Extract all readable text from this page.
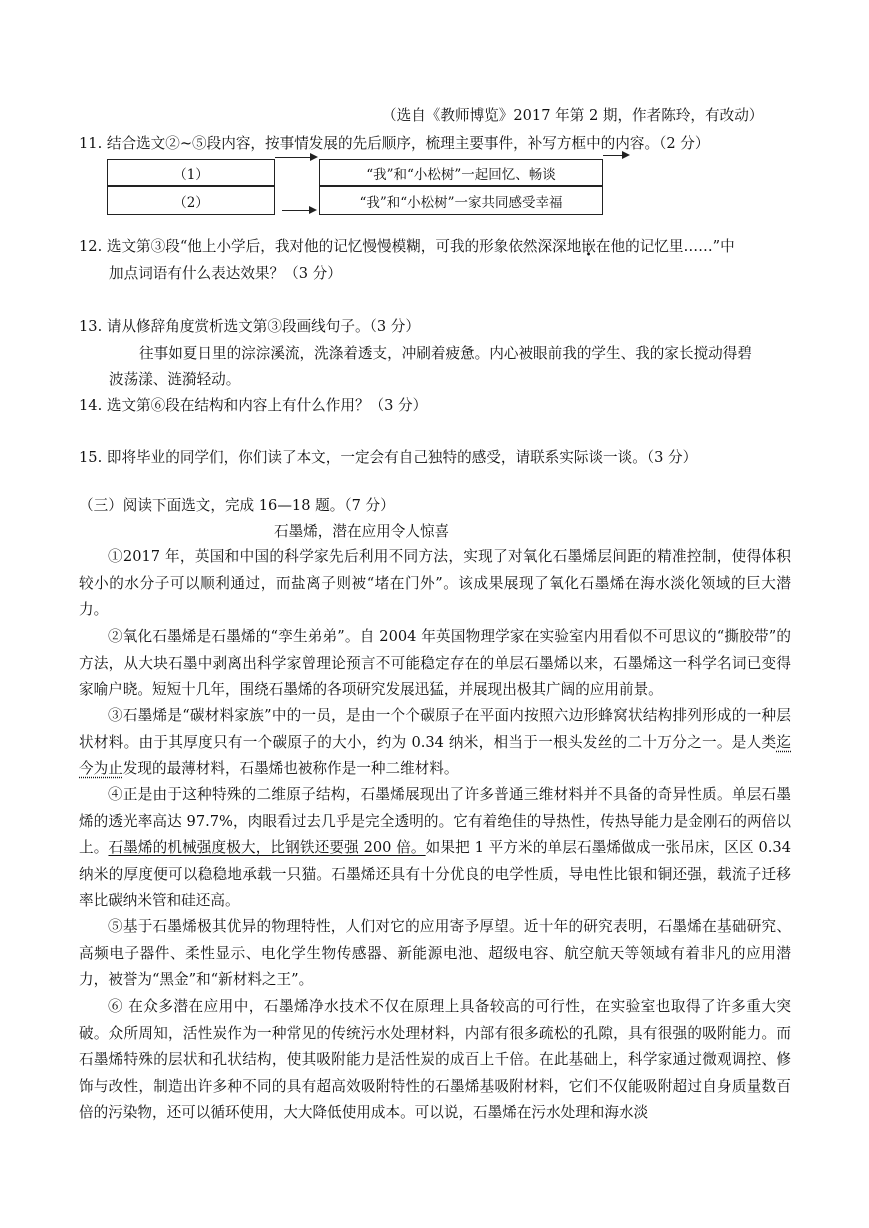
（选自《教师博览》2017 年第 2 期，作者陈玲，有改动）
11. 结合选文②~⑤段内容，按事情发展的先后顺序，梳理主要事件，补写方框中的内容。（2 分）
（1）
（2）
“我”和“小松树”一起回忆、畅谈
“我”和“小松树”一家共同感受幸福
12. 选文第③段“他上小学后，我对他的记忆慢慢模糊，可我的形象依然深深地嵌在他的记忆里……”中
加点词语有什么表达效果？（3 分）
13. 请从修辞角度赏析选文第③段画线句子。（3 分）
往事如夏日里的淙淙溪流，洗涤着透支，冲刷着疲惫。内心被眼前我的学生、我的家长搅动得碧
波荡漾、涟漪轻动。
14. 选文第⑥段在结构和内容上有什么作用？（3 分）
15. 即将毕业的同学们，你们读了本文，一定会有自己独特的感受，请联系实际谈一谈。（3 分）
（三）阅读下面选文，完成 16—18 题。（7 分）
石墨烯，潜在应用令人惊喜
①2017 年，英国和中国的科学家先后利用不同方法，实现了对氧化石墨烯层间距的精准控制，使得体积较小的水分子可以顺利通过，而盐离子则被“堵在门外”。该成果展现了氧化石墨烯在海水淡化领域的巨大潜力。
②氧化石墨烯是石墨烯的“孪生弟弟”。自 2004 年英国物理学家在实验室内用看似不可思议的“撕胶带”的方法，从大块石墨中剥离出科学家曾理论预言不可能稳定存在的单层石墨烯以来，石墨烯这一科学名词已变得家喻户晓。短短十几年，围绕石墨烯的各项研究发展迅猛，并展现出极其广阔的应用前景。
③石墨烯是“碳材料家族”中的一员，是由一个个碳原子在平面内按照六边形蜂窝状结构排列形成的一种层状材料。由于其厚度只有一个碳原子的大小，约为 0.34 纳米，相当于一根头发丝的二十万分之一。是人类迄今为止发现的最薄材料，石墨烯也被称作是一种二维材料。
④正是由于这种特殊的二维原子结构，石墨烯展现出了许多普通三维材料并不具备的奇异性质。单层石墨烯的透光率高达 97.7%，肉眼看过去几乎是完全透明的。它有着绝佳的导热性，传热导能力是金刚石的两倍以上。石墨烯的机械强度极大，比钢铁还要强 200 倍。如果把 1 平方米的单层石墨烯做成一张吊床，区区 0.34 纳米的厚度便可以稳稳地承载一只猫。石墨烯还具有十分优良的电学性质，导电性比银和铜还强，载流子迁移率比碳纳米管和硅还高。
⑤基于石墨烯极其优异的物理特性，人们对它的应用寄予厚望。近十年的研究表明，石墨烯在基础研究、高频电子器件、柔性显示、电化学生物传感器、新能源电池、超级电容、航空航天等领域有着非凡的应用潜力，被誉为“黑金”和“新材料之王”。
⑥ 在众多潜在应用中，石墨烯净水技术不仅在原理上具备较高的可行性，在实验室也取得了许多重大突破。众所周知，活性炭作为一种常见的传统污水处理材料，内部有很多疏松的孔隙，具有很强的吸附能力。而石墨烯特殊的层状和孔状结构，使其吸附能力是活性炭的成百上千倍。在此基础上，科学家通过微观调控、修饰与改性，制造出许多种不同的具有超高效吸附特性的石墨烯基吸附材料，它们不仅能吸附超过自身质量数百倍的污染物，还可以循环使用，大大降低使用成本。可以说，石墨烯在污水处理和海水淡
